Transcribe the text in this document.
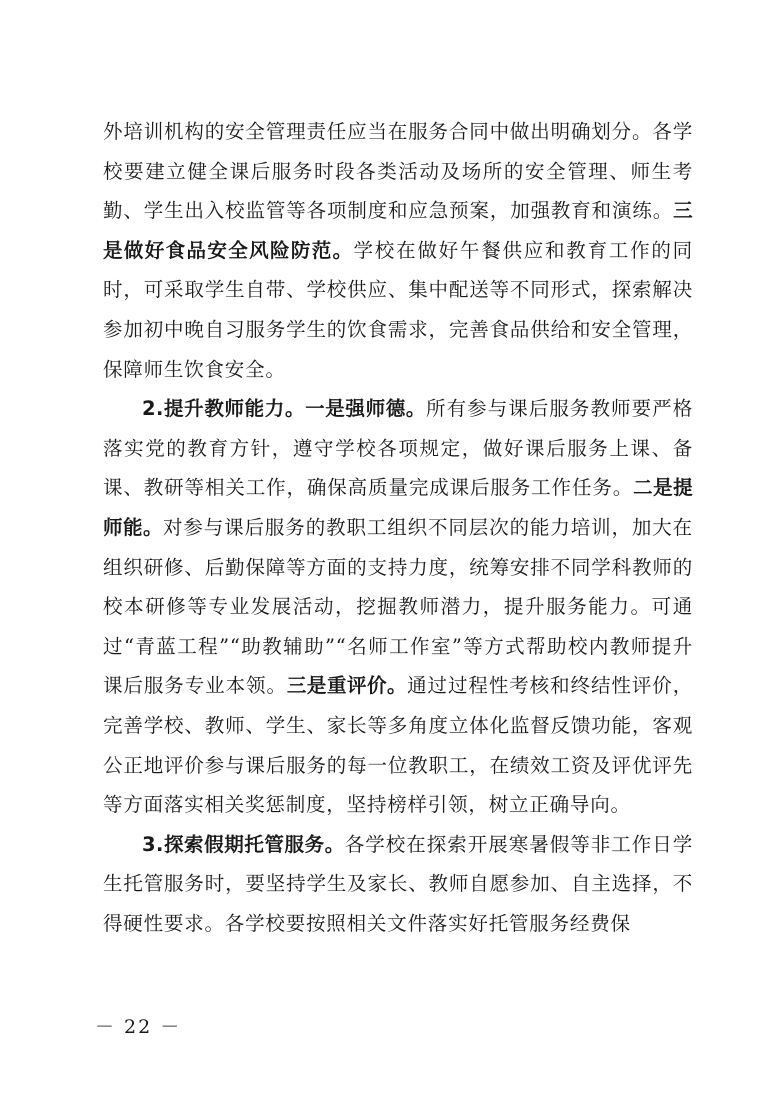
外培训机构的安全管理责任应当在服务合同中做出明确划分。各学校要建立健全课后服务时段各类活动及场所的安全管理、师生考勤、学生出入校监管等各项制度和应急预案，加强教育和演练。三是做好食品安全风险防范。学校在做好午餐供应和教育工作的同时，可采取学生自带、学校供应、集中配送等不同形式，探索解决参加初中晚自习服务学生的饮食需求，完善食品供给和安全管理，保障师生饮食安全。

2.提升教师能力。一是强师德。所有参与课后服务教师要严格落实党的教育方针，遵守学校各项规定，做好课后服务上课、备课、教研等相关工作，确保高质量完成课后服务工作任务。二是提师能。对参与课后服务的教职工组织不同层次的能力培训，加大在组织研修、后勤保障等方面的支持力度，统筹安排不同学科教师的校本研修等专业发展活动，挖掘教师潜力，提升服务能力。可通过“青蓝工程”“助教辅助”“名师工作室”等方式帮助校内教师提升课后服务专业本领。三是重评价。通过过程性考核和终结性评价，完善学校、教师、学生、家长等多角度立体化监督反馈功能，客观公正地评价参与课后服务的每一位教职工，在绩效工资及评优评先等方面落实相关奖惩制度，坚持榜样引领，树立正确导向。

3.探索假期托管服务。各学校在探索开展寒暑假等非工作日学生托管服务时，要坚持学生及家长、教师自愿参加、自主选择，不得硬性要求。各学校要按照相关文件落实好托管服务经费保

－ 22 －
